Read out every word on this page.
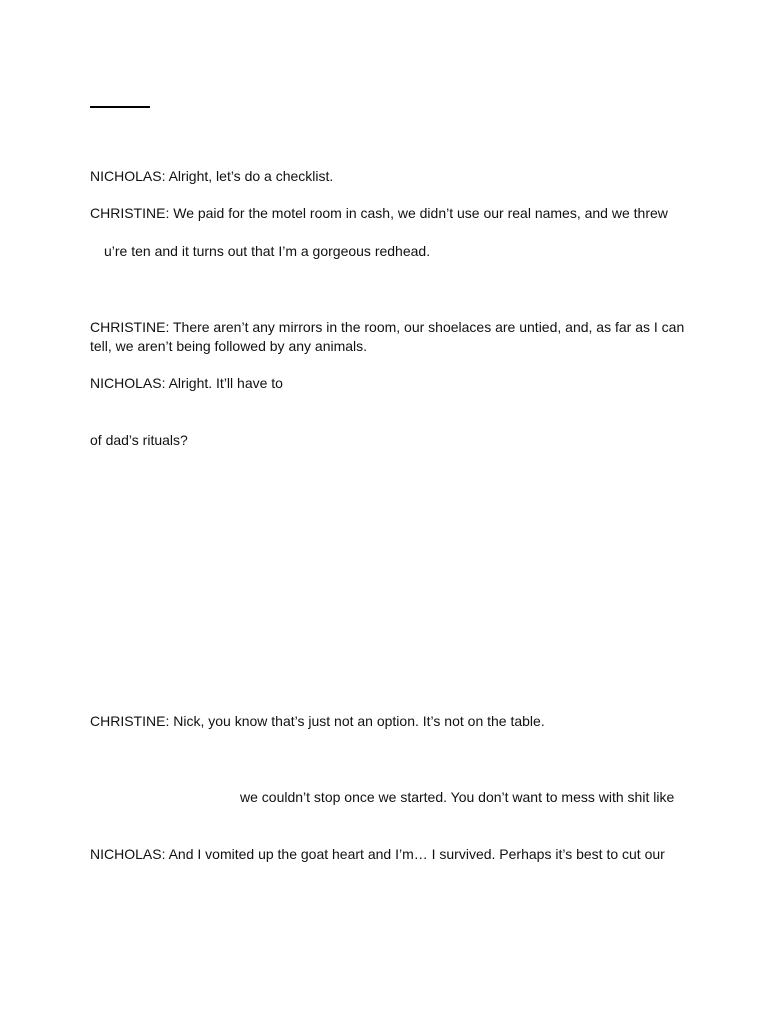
NICHOLAS: Alright, let’s do a checklist.
CHRISTINE: We paid for the motel room in cash, we didn’t use our real names, and we threw
u’re ten and it turns out that I’m a gorgeous redhead.
CHRISTINE: There aren’t any mirrors in the room, our shoelaces are untied, and, as far as I can tell, we aren’t being followed by any animals.
NICHOLAS: Alright. It’ll have to
of dad’s rituals?
CHRISTINE: Nick, you know that’s just not an option. It’s not on the table.
we couldn’t stop once we started. You don’t want to mess with shit like
NICHOLAS: And I vomited up the goat heart and I’m… I survived. Perhaps it’s best to cut our
